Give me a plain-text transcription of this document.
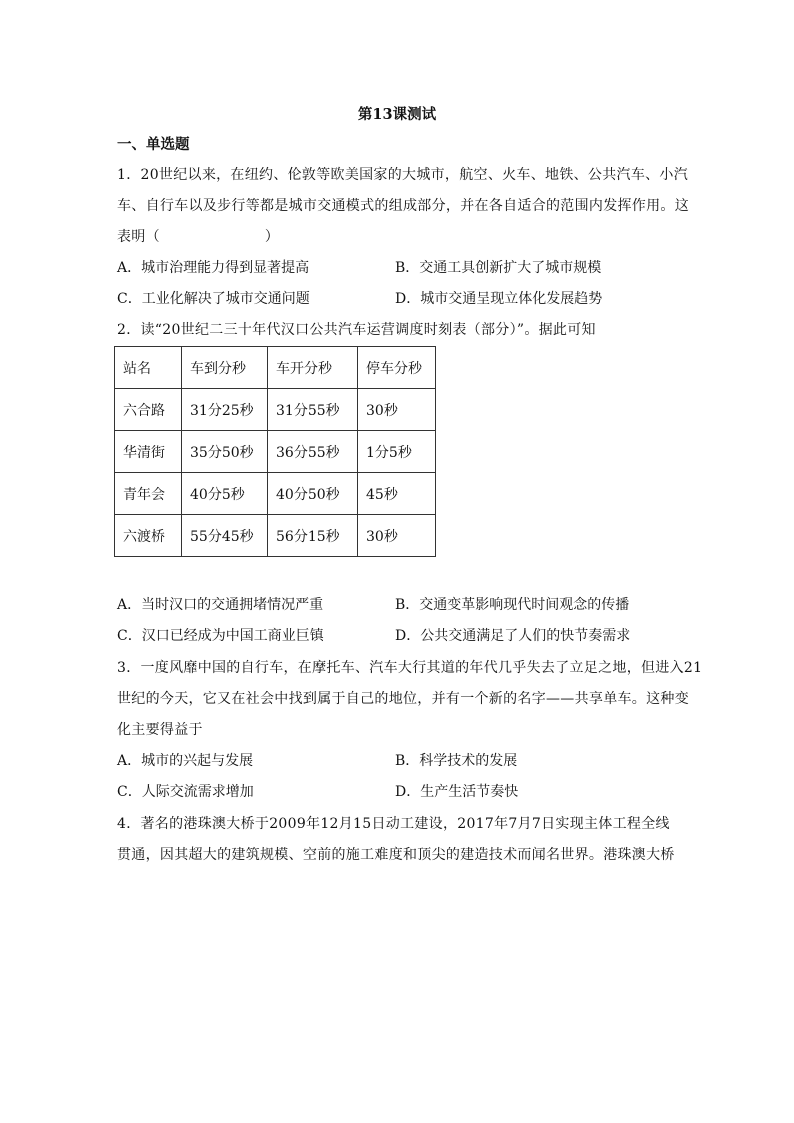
第13课测试
一、单选题
1．20世纪以来，在纽约、伦敦等欧美国家的大城市，航空、火车、地铁、公共汽车、小汽
车、自行车以及步行等都是城市交通模式的组成部分，并在各自适合的范围内发挥作用。这
表明（	）
A．城市治理能力得到显著提高	B．交通工具创新扩大了城市规模
C．工业化解决了城市交通问题	D．城市交通呈现立体化发展趋势
2．读“20世纪二三十年代汉口公共汽车运营调度时刻表（部分）”。据此可知
站名	车到分秒	车开分秒	停车分秒
六合路	31分25秒	31分55秒	30秒
华清街	35分50秒	36分55秒	1分5秒
青年会	40分5秒	40分50秒	45秒
六渡桥	55分45秒	56分15秒	30秒
A．当时汉口的交通拥堵情况严重	B．交通变革影响现代时间观念的传播
C．汉口已经成为中国工商业巨镇	D．公共交通满足了人们的快节奏需求
3．一度风靡中国的自行车，在摩托车、汽车大行其道的年代几乎失去了立足之地，但进入21
世纪的今天，它又在社会中找到属于自己的地位，并有一个新的名字——共享单车。这种变
化主要得益于
A．城市的兴起与发展	B．科学技术的发展
C．人际交流需求增加	D．生产生活节奏快
4．著名的港珠澳大桥于2009年12月15日动工建设，2017年7月7日实现主体工程全线
贯通，因其超大的建筑规模、空前的施工难度和顶尖的建造技术而闻名世界。港珠澳大桥
